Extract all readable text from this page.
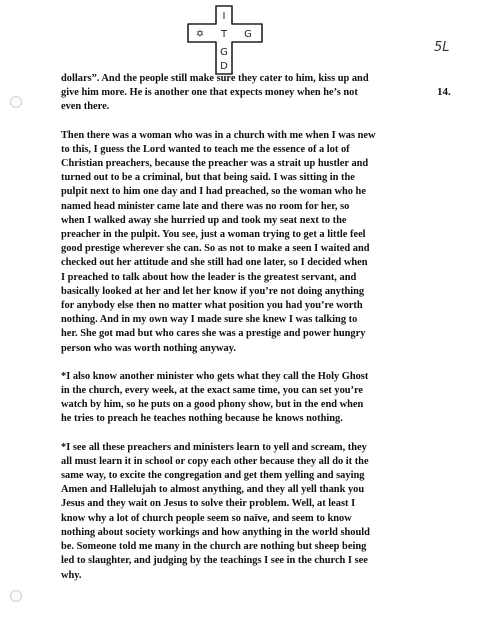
I
✡ T G
G
D
5L
14.

dollars”. And the people still make sure they cater to him, kiss up and
give him more. He is another one that expects money when he’s not
even there.

Then there was a woman who was in a church with me when I was new
to this, I guess the Lord wanted to teach me the essence of a lot of
Christian preachers, because the preacher was a strait up hustler and
turned out to be a criminal, but that being said. I was sitting in the
pulpit next to him one day and I had preached, so the woman who he
named head minister came late and there was no room for her, so
when I walked away she hurried up and took my seat next to the
preacher in the pulpit. You see, just a woman trying to get a little feel
good prestige wherever she can. So as not to make a seen I waited and
checked out her attitude and she still had one later, so I decided when
I preached to talk about how the leader is the greatest servant, and
basically looked at her and let her know if you’re not doing anything
for anybody else then no matter what position you had you’re worth
nothing. And in my own way I made sure she knew I was talking to
her. She got mad but who cares she was a prestige and power hungry
person who was worth nothing anyway.

*I also know another minister who gets what they call the Holy Ghost
in the church, every week, at the exact same time, you can set you’re
watch by him, so he puts on a good phony show, but in the end when
he tries to preach he teaches nothing because he knows nothing.

*I see all these preachers and ministers learn to yell and scream, they
all must learn it in school or copy each other because they all do it the
same way, to excite the congregation and get them yelling and saying
Amen and Hallelujah to almost anything, and they all yell thank you
Jesus and they wait on Jesus to solve their problem. Well, at least I
know why a lot of church people seem so naïve, and seem to know
nothing about society workings and how anything in the world should
be. Someone told me many in the church are nothing but sheep being
led to slaughter, and judging by the teachings I see in the church I see
why.
